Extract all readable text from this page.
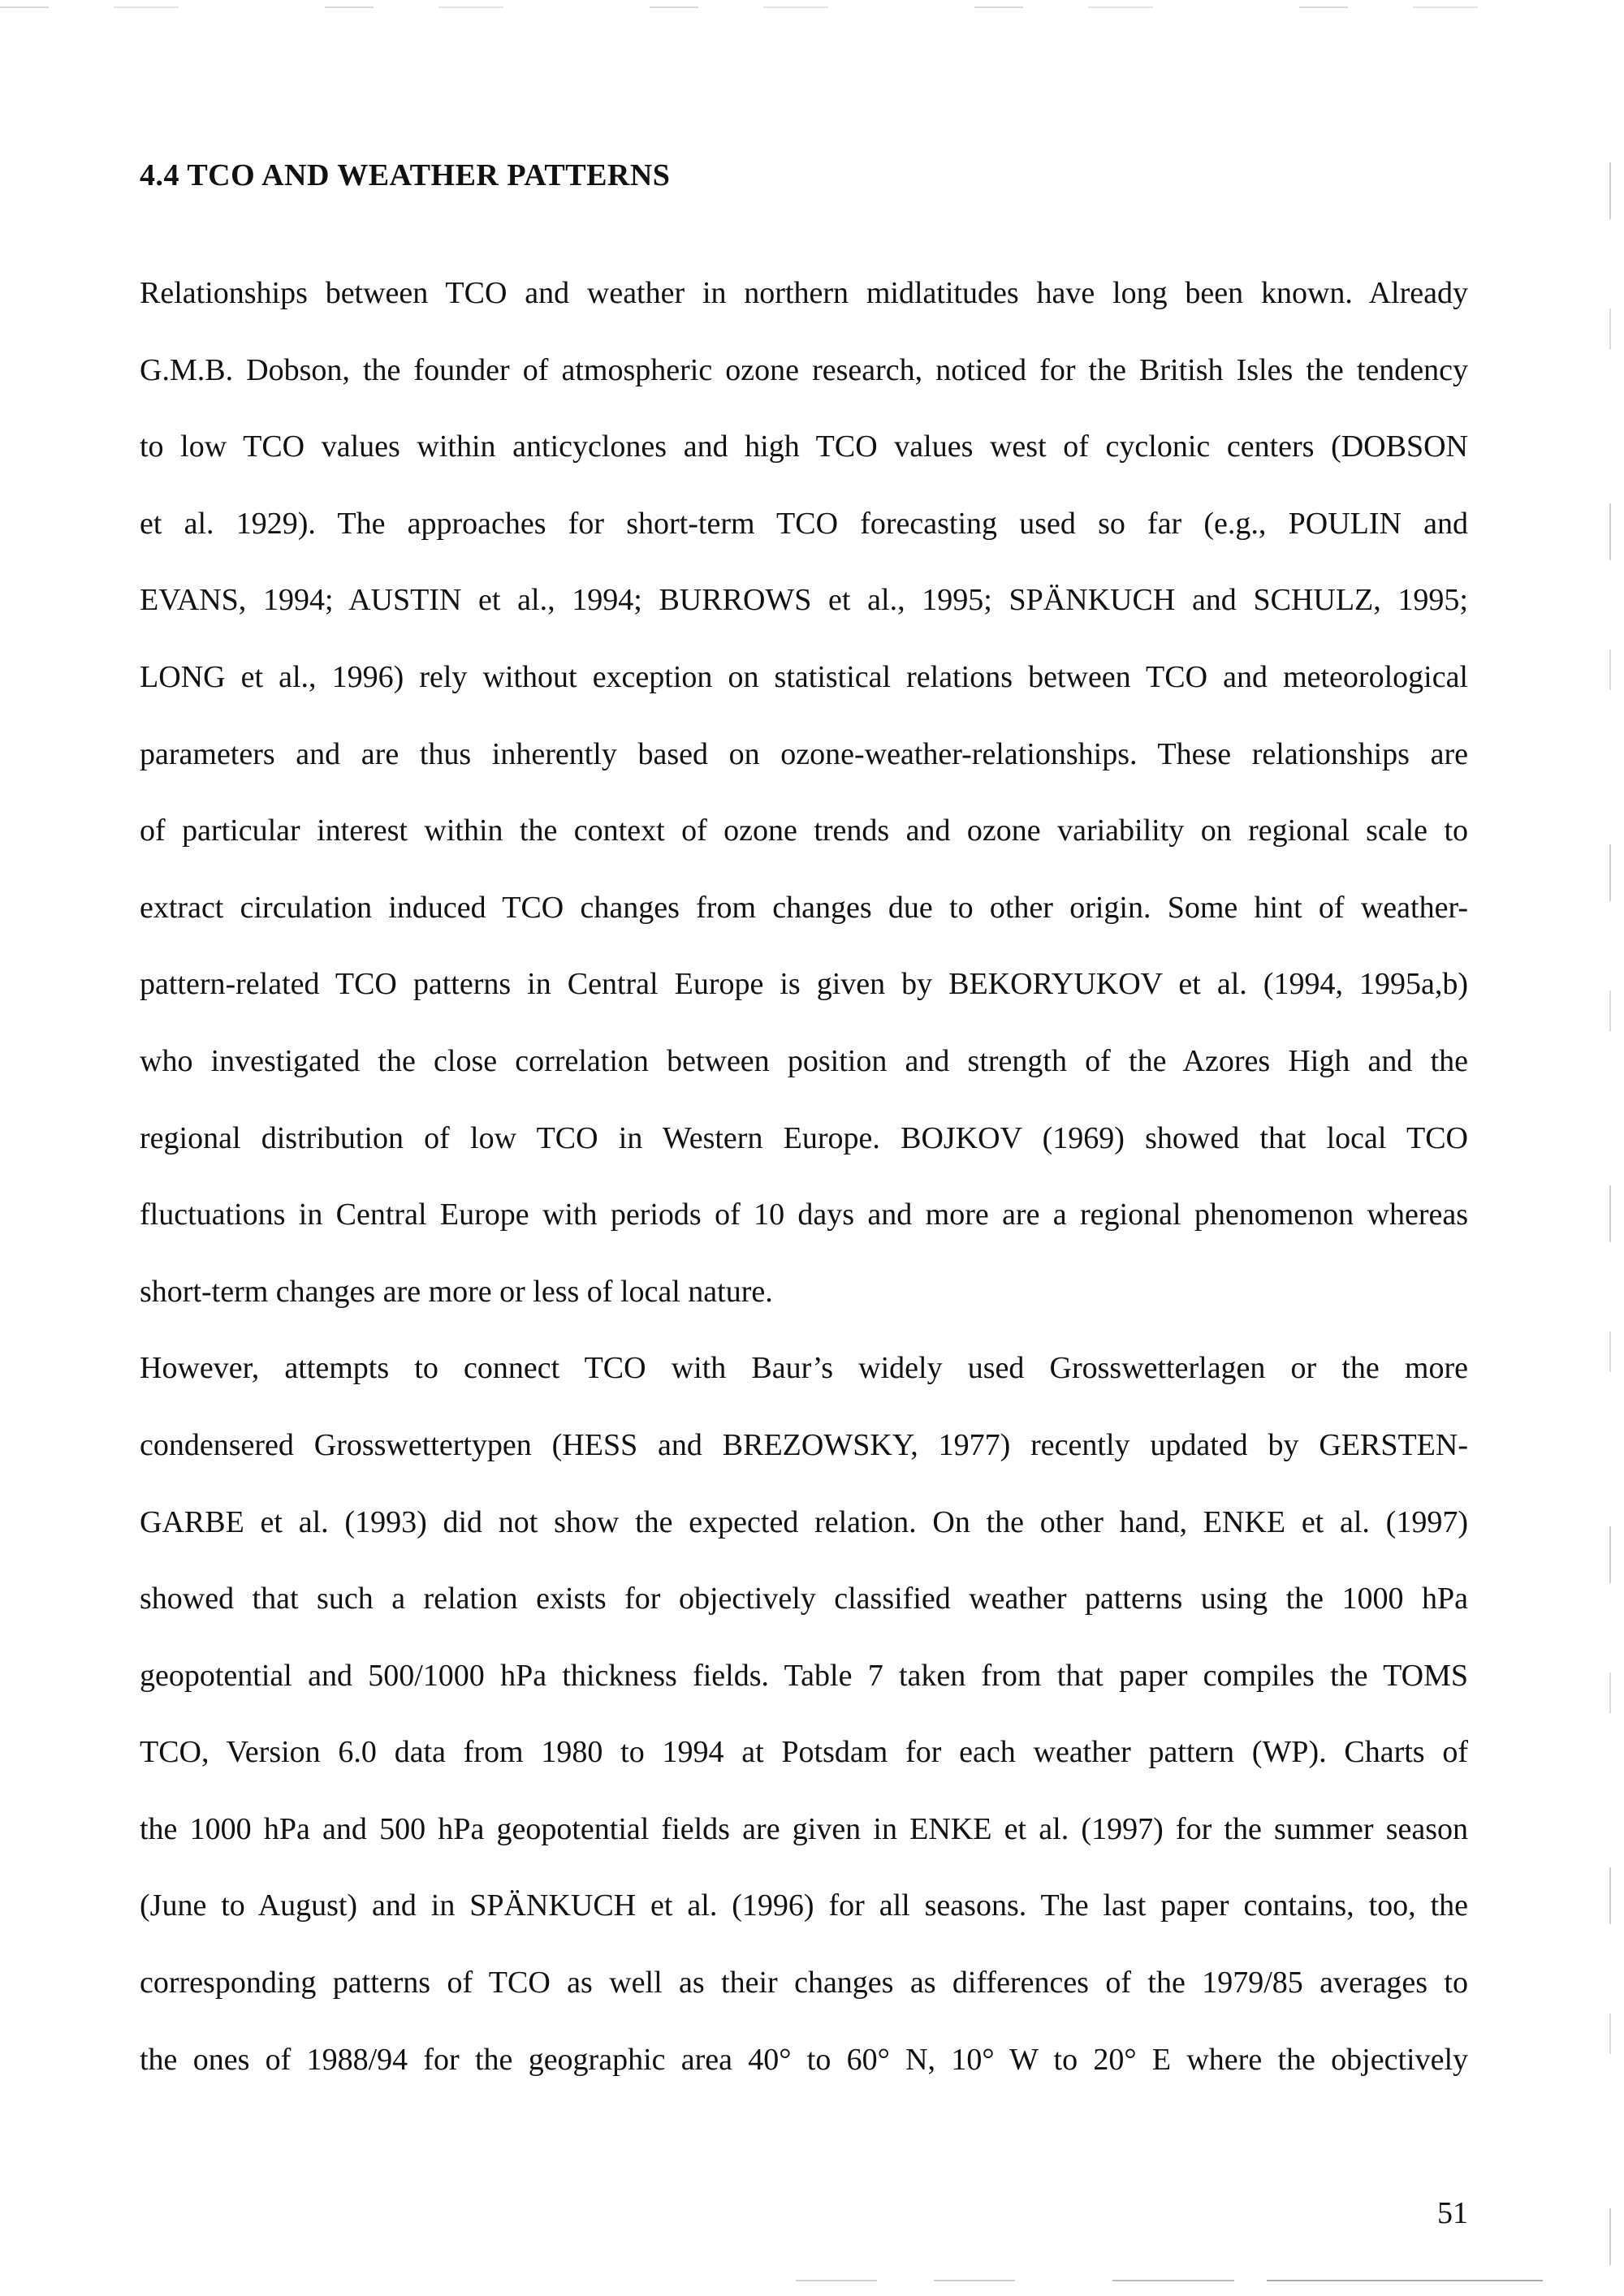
4.4 TCO AND WEATHER PATTERNS
Relationships between TCO and weather in northern midlatitudes have long been known. Already
G.M.B. Dobson, the founder of atmospheric ozone research, noticed for the British Isles the tendency
to low TCO values within anticyclones and high TCO values west of cyclonic centers (DOBSON
et al. 1929). The approaches for short-term TCO forecasting used so far (e.g., POULIN and
EVANS, 1994; AUSTIN et al., 1994; BURROWS et al., 1995; SPÄNKUCH and SCHULZ, 1995;
LONG et al., 1996) rely without exception on statistical relations between TCO and meteorological
parameters and are thus inherently based on ozone-weather-relationships. These relationships are
of particular interest within the context of ozone trends and ozone variability on regional scale to
extract circulation induced TCO changes from changes due to other origin. Some hint of weather-
pattern-related TCO patterns in Central Europe is given by BEKORYUKOV et al. (1994, 1995a,b)
who investigated the close correlation between position and strength of the Azores High and the
regional distribution of low TCO in Western Europe. BOJKOV (1969) showed that local TCO
fluctuations in Central Europe with periods of 10 days and more are a regional phenomenon whereas
short-term changes are more or less of local nature.
However, attempts to connect TCO with Baur’s widely used Grosswetterlagen or the more
condensered Grosswettertypen (HESS and BREZOWSKY, 1977) recently updated by GERSTEN-
GARBE et al. (1993) did not show the expected relation. On the other hand, ENKE et al. (1997)
showed that such a relation exists for objectively classified weather patterns using the 1000 hPa
geopotential and 500/1000 hPa thickness fields. Table 7 taken from that paper compiles the TOMS
TCO, Version 6.0 data from 1980 to 1994 at Potsdam for each weather pattern (WP). Charts of
the 1000 hPa and 500 hPa geopotential fields are given in ENKE et al. (1997) for the summer season
(June to August) and in SPÄNKUCH et al. (1996) for all seasons. The last paper contains, too, the
corresponding patterns of TCO as well as their changes as differences of the 1979/85 averages to
the ones of 1988/94 for the geographic area 40° to 60° N, 10° W to 20° E where the objectively
51
